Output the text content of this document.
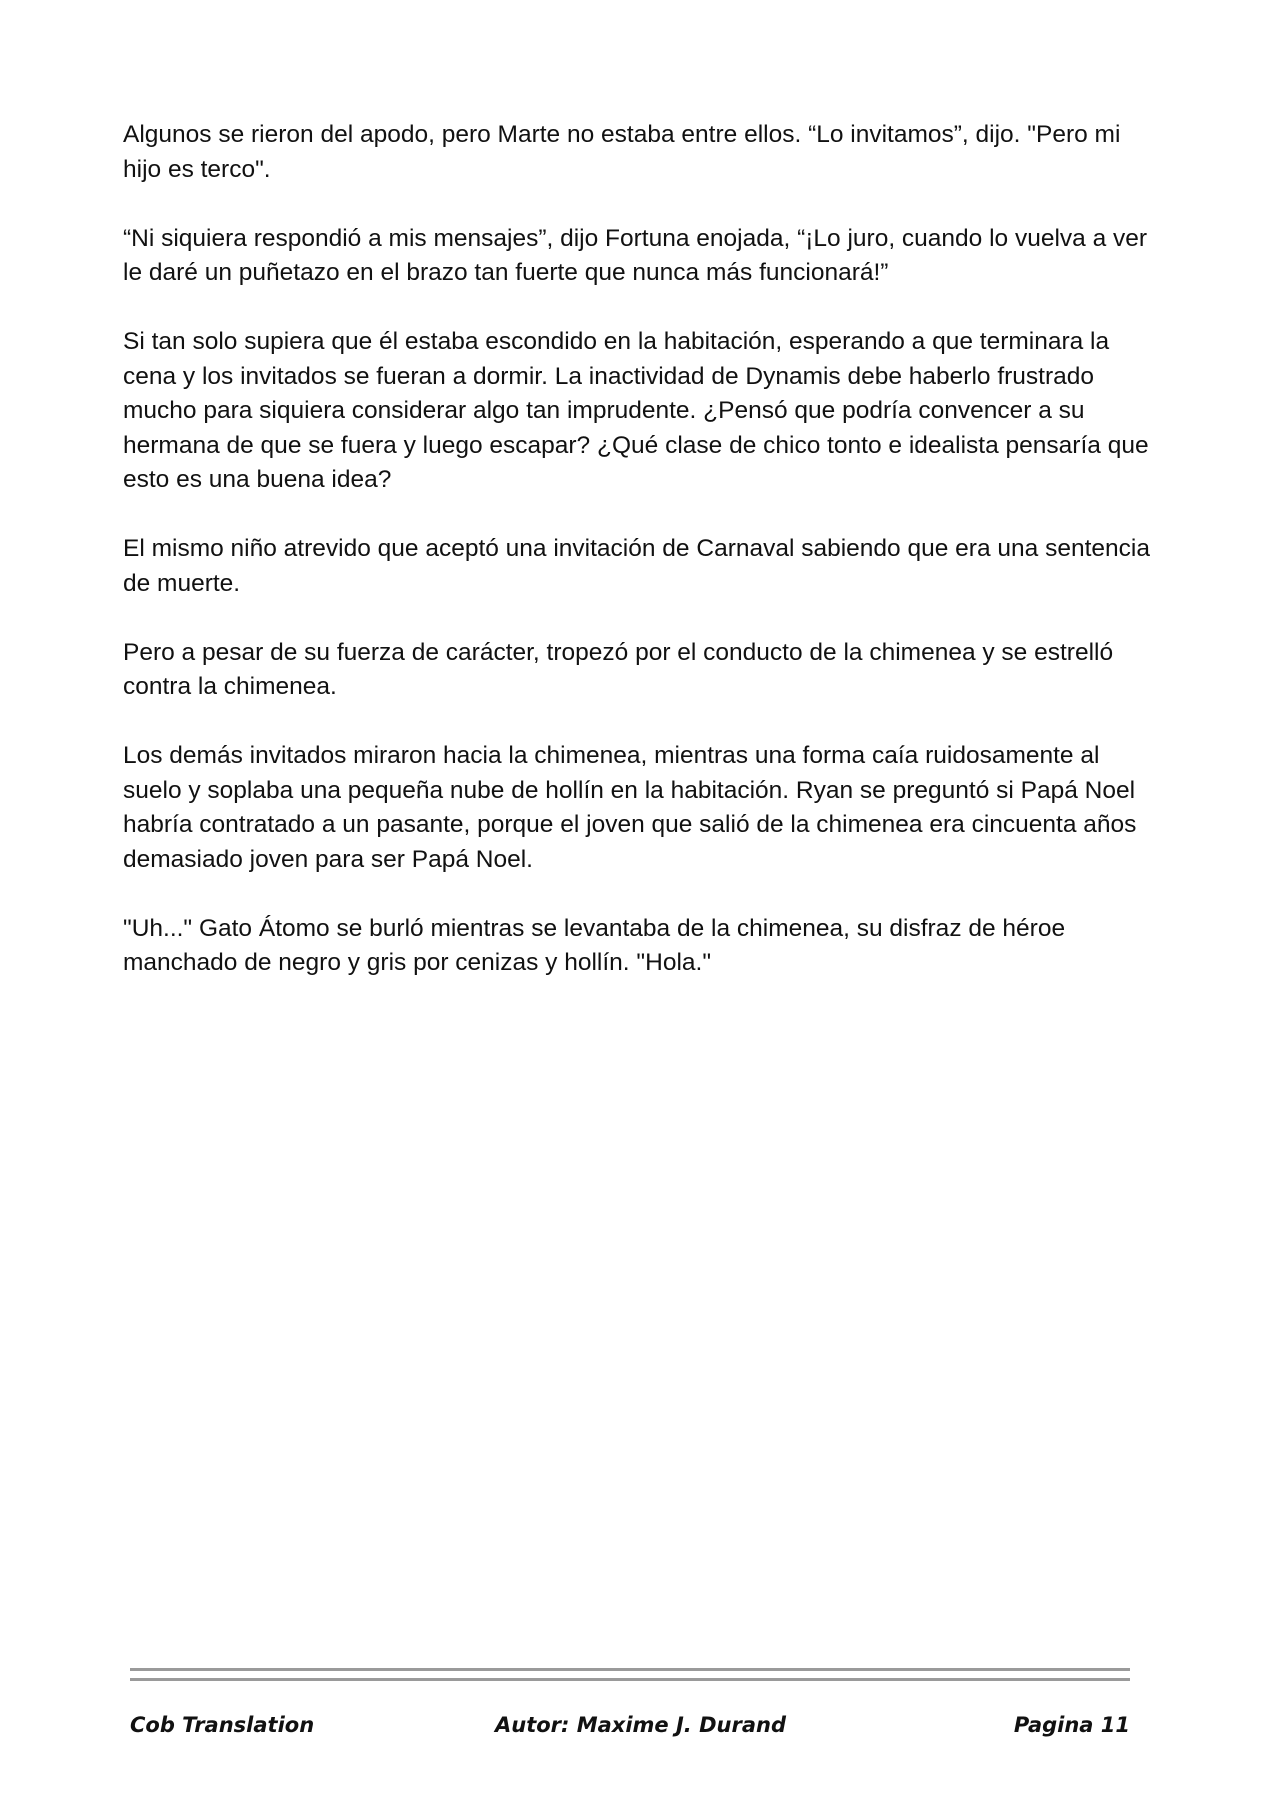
Algunos se rieron del apodo, pero Marte no estaba entre ellos. “Lo invitamos”, dijo. "Pero mi hijo es terco".

“Ni siquiera respondió a mis mensajes”, dijo Fortuna enojada, “¡Lo juro, cuando lo vuelva a ver le daré un puñetazo en el brazo tan fuerte que nunca más funcionará!”

Si tan solo supiera que él estaba escondido en la habitación, esperando a que terminara la cena y los invitados se fueran a dormir. La inactividad de Dynamis debe haberlo frustrado mucho para siquiera considerar algo tan imprudente. ¿Pensó que podría convencer a su hermana de que se fuera y luego escapar? ¿Qué clase de chico tonto e idealista pensaría que esto es una buena idea?

El mismo niño atrevido que aceptó una invitación de Carnaval sabiendo que era una sentencia de muerte.

Pero a pesar de su fuerza de carácter, tropezó por el conducto de la chimenea y se estrelló contra la chimenea.

Los demás invitados miraron hacia la chimenea, mientras una forma caía ruidosamente al suelo y soplaba una pequeña nube de hollín en la habitación. Ryan se preguntó si Papá Noel habría contratado a un pasante, porque el joven que salió de la chimenea era cincuenta años demasiado joven para ser Papá Noel.

"Uh..." Gato Átomo se burló mientras se levantaba de la chimenea, su disfraz de héroe manchado de negro y gris por cenizas y hollín. "Hola."

Cob Translation	Autor: Maxime J. Durand	Pagina 11
